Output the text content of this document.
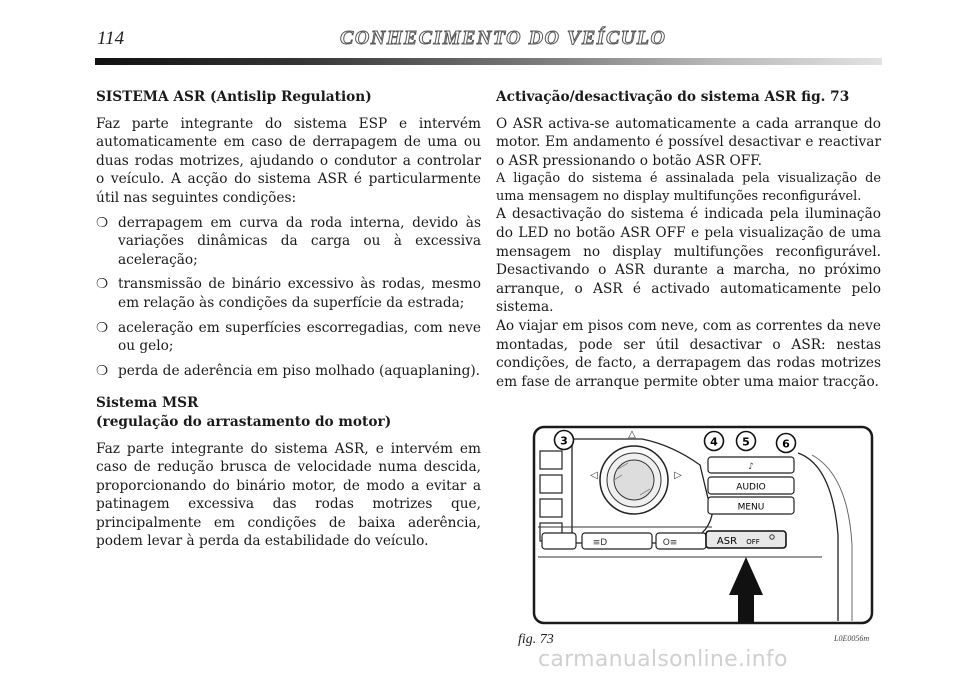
114	CONHECIMENTO DO VEÍCULO

SISTEMA ASR (Antislip Regulation)

Faz parte integrante do sistema ESP e intervém automaticamente em caso de derrapagem de uma ou duas rodas motrizes, ajudando o condutor a controlar o veículo. A acção do sistema ASR é particularmente útil nas seguintes condições:

❍ derrapagem em curva da roda interna, devido às variações dinâmicas da carga ou à excessiva aceleração;
❍ transmissão de binário excessivo às rodas, mesmo em relação às condições da superfície da estrada;
❍ aceleração em superfícies escorregadias, com neve ou gelo;
❍ perda de aderência em piso molhado (aquaplaning).

Sistema MSR
(regulação do arrastamento do motor)

Faz parte integrante do sistema ASR, e intervém em caso de redução brusca de velocidade numa descida, proporcionando do binário motor, de modo a evitar a patinagem excessiva das rodas motrizes que, principalmente em condições de baixa aderência, podem levar à perda da estabilidade do veículo.

Activação/desactivação do sistema ASR fig. 73

O ASR activa-se automaticamente a cada arranque do motor. Em andamento é possível desactivar e reactivar o ASR pressionando o botão ASR OFF.

A ligação do sistema é assinalada pela visualização de uma mensagem no display multifunções reconfigurável.

A desactivação do sistema é indicada pela iluminação do LED no botão ASR OFF e pela visualização de uma mensagem no display multifunções reconfigurável. Desactivando o ASR durante a marcha, no próximo arranque, o ASR é activado automaticamente pelo sistema.

Ao viajar em pisos com neve, com as correntes da neve montadas, pode ser útil desactivar o ASR: nestas condições, de facto, a derrapagem das rodas motrizes em fase de arranque permite obter uma maior tracção.

3	△
◁	▷
4 5	6
♪
AUDIO
MENU
≡D	O≡	ASR OFF
fig. 73	L0E0056m
carmanualsonline.info
